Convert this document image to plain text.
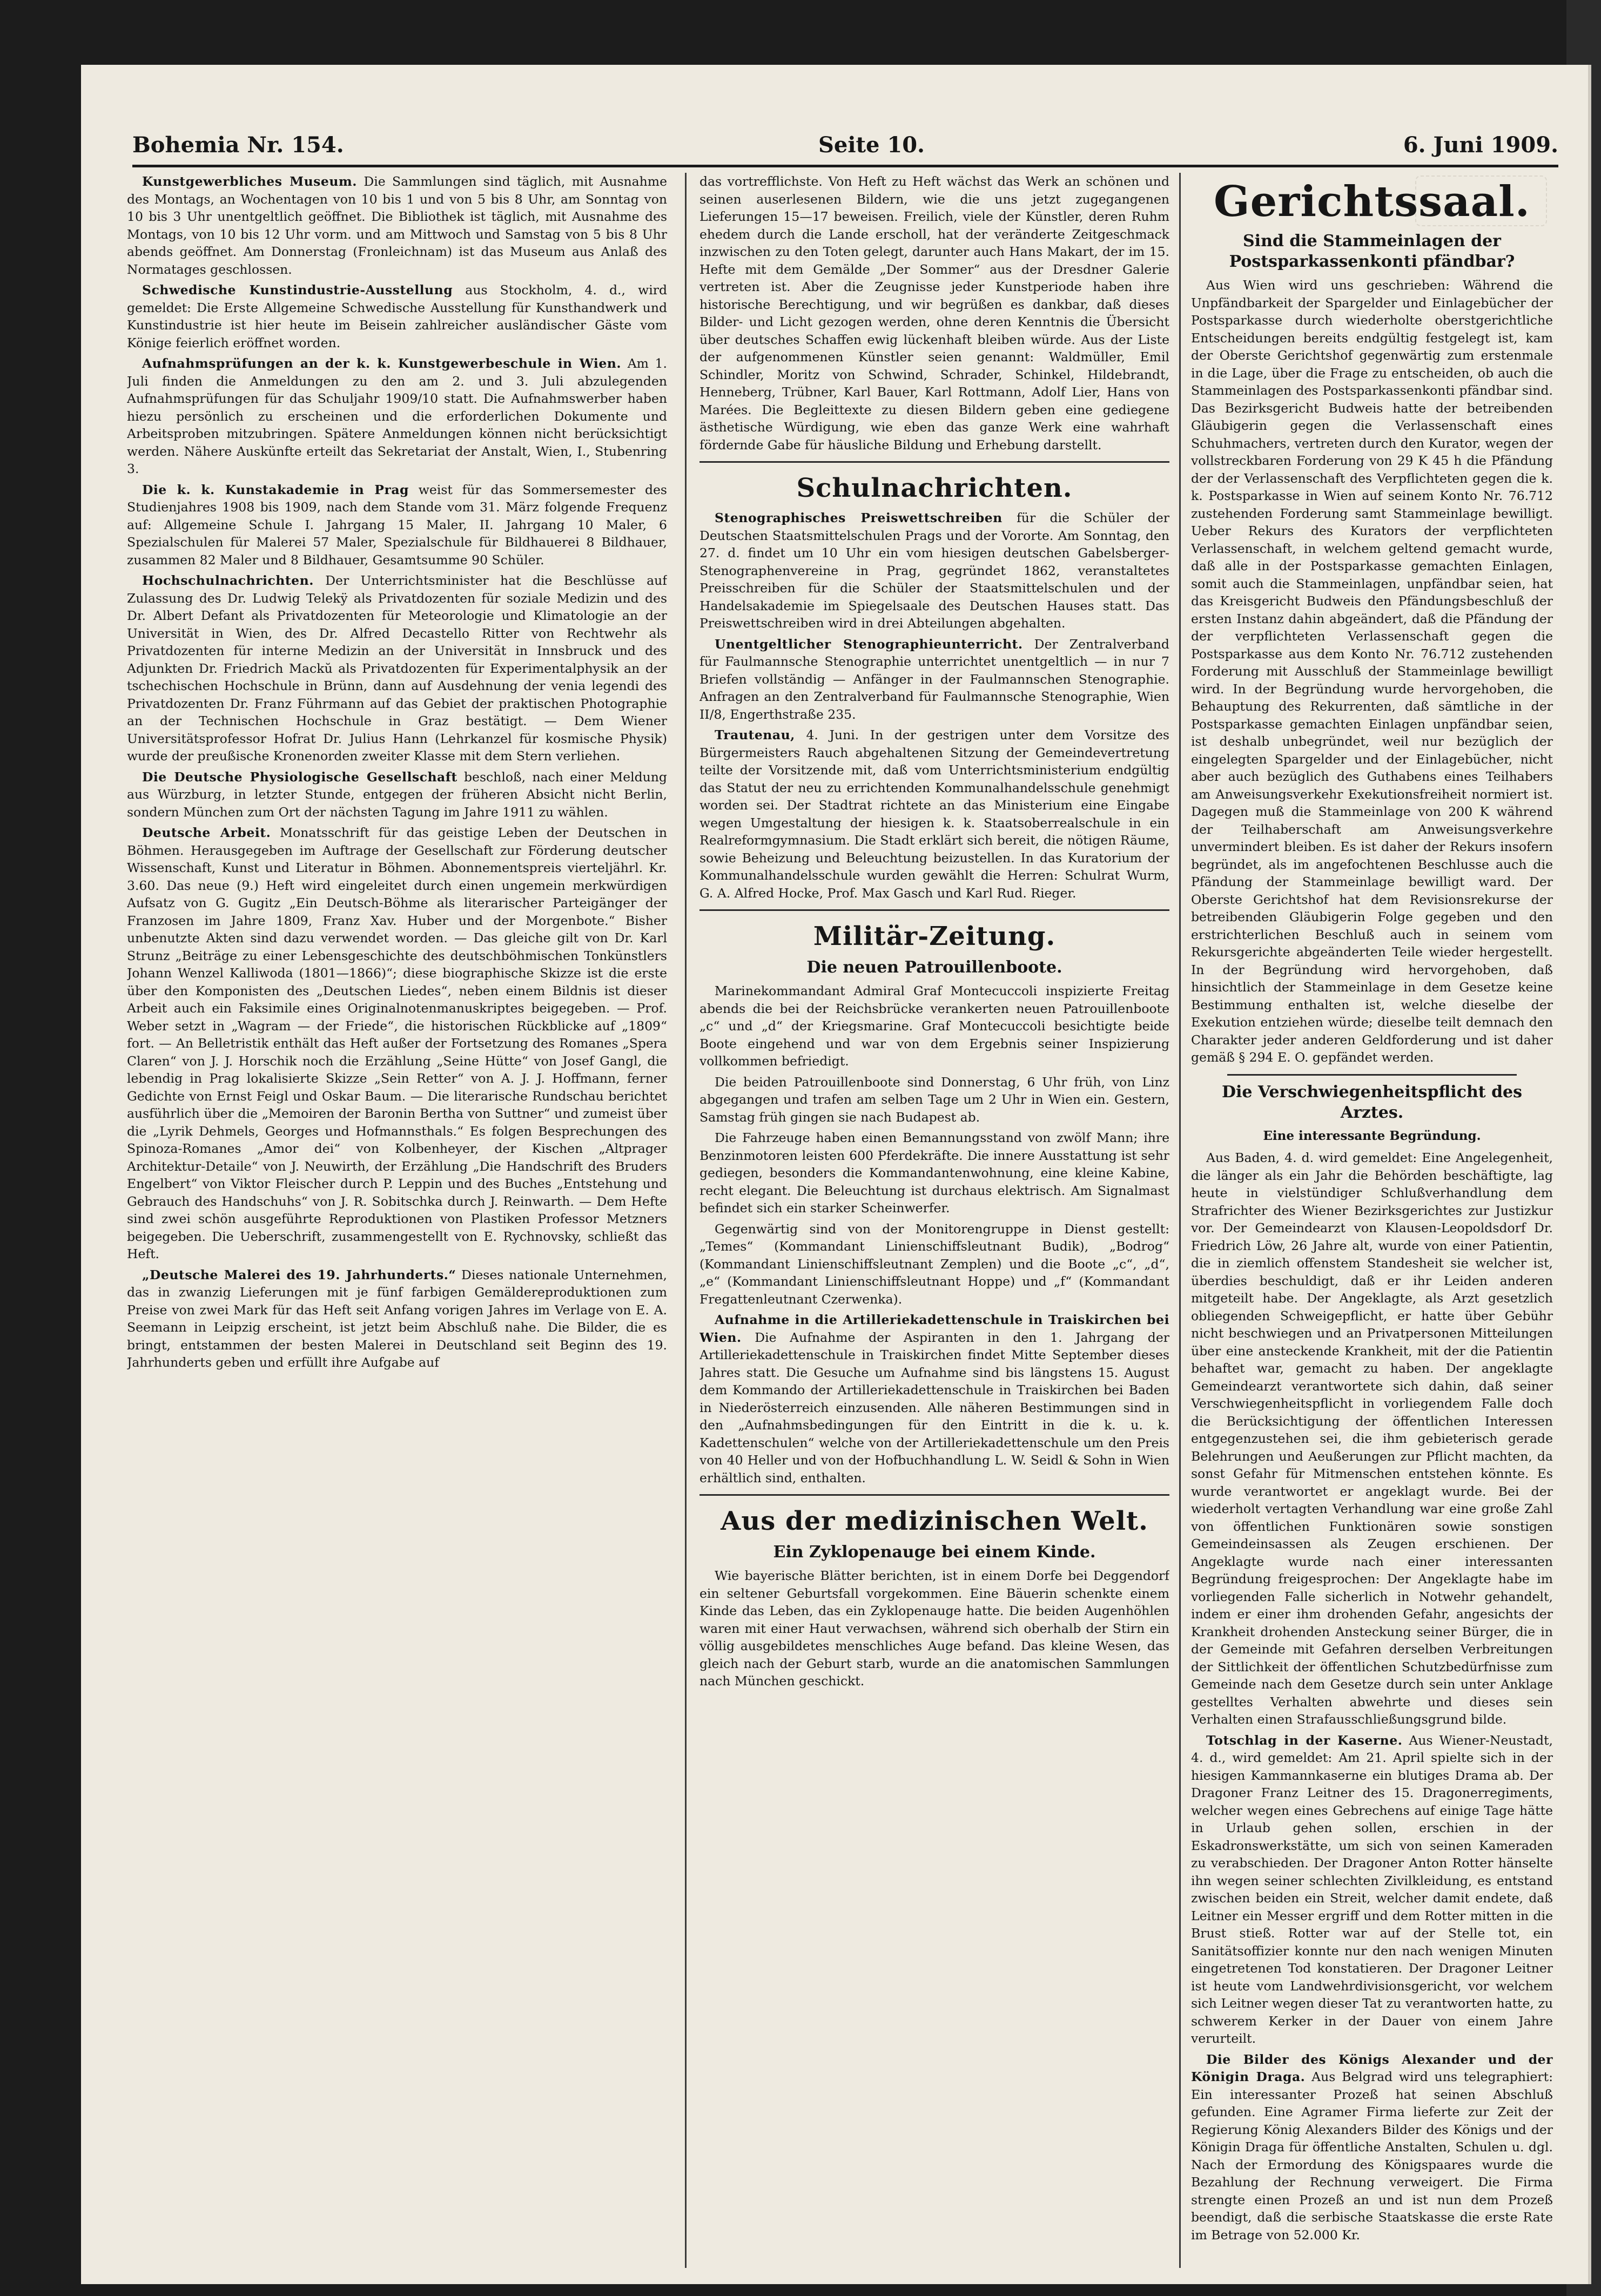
Bohemia Nr. 154.	Seite 10.	6. Juni 1909.

Kunstgewerbliches Museum. Die Sammlungen sind täglich, mit Ausnahme des Montags, an Wochentagen von 10 bis 1 und von 5 bis 8 Uhr, am Sonntag von 10 bis 3 Uhr unentgeltlich geöffnet. Die Bibliothek ist täglich, mit Ausnahme des Montags, von 10 bis 12 Uhr vorm. und am Mittwoch und Samstag von 5 bis 8 Uhr abends geöffnet. Am Donnerstag (Fronleichnam) ist das Museum aus Anlaß des Normatages geschlossen.

Schwedische Kunstindustrie-Ausstellung aus Stockholm, 4. d., wird gemeldet: Die Erste Allgemeine Schwedische Ausstellung für Kunsthandwerk und Kunstindustrie ist hier heute im Beisein zahlreicher ausländischer Gäste vom Könige feierlich eröffnet worden.

Aufnahmsprüfungen an der k. k. Kunstgewerbeschule in Wien. Am 1. Juli finden die Anmeldungen zu den am 2. und 3. Juli abzulegenden Aufnahmsprüfungen für das Schuljahr 1909/10 statt. Die Aufnahmswerber haben hiezu persönlich zu erscheinen und die erforderlichen Dokumente und Arbeitsproben mitzubringen. Spätere Anmeldungen können nicht berücksichtigt werden. Nähere Auskünfte erteilt das Sekretariat der Anstalt, Wien, I., Stubenring 3.

Die k. k. Kunstakademie in Prag weist für das Sommersemester des Studienjahres 1908 bis 1909, nach dem Stande vom 31. März folgende Frequenz auf: Allgemeine Schule I. Jahrgang 15 Maler, II. Jahrgang 10 Maler, 6 Spezialschulen für Malerei 57 Maler, Spezialschule für Bildhauerei 8 Bildhauer, zusammen 82 Maler und 8 Bildhauer, Gesamtsumme 90 Schüler.

Hochschulnachrichten. Der Unterrichtsminister hat die Beschlüsse auf Zulassung des Dr. Ludwig Telekÿ als Privatdozenten für soziale Medizin und des Dr. Albert Defant als Privatdozenten für Meteorologie und Klimatologie an der Universität in Wien, des Dr. Alfred Decastello Ritter von Rechtwehr als Privatdozenten für interne Medizin an der Universität in Innsbruck und des Adjunkten Dr. Friedrich Mackŭ als Privatdozenten für Experimentalphysik an der tschechischen Hochschule in Brünn, dann auf Ausdehnung der venia legendi des Privatdozenten Dr. Franz Führmann auf das Gebiet der praktischen Photographie an der Technischen Hochschule in Graz bestätigt. — Dem Wiener Universitätsprofessor Hofrat Dr. Julius Hann (Lehrkanzel für kosmische Physik) wurde der preußische Kronenorden zweiter Klasse mit dem Stern verliehen.

Die Deutsche Physiologische Gesellschaft beschloß, nach einer Meldung aus Würzburg, in letzter Stunde, entgegen der früheren Absicht nicht Berlin, sondern München zum Ort der nächsten Tagung im Jahre 1911 zu wählen.

Deutsche Arbeit. Monatsschrift für das geistige Leben der Deutschen in Böhmen. Herausgegeben im Auftrage der Gesellschaft zur Förderung deutscher Wissenschaft, Kunst und Literatur in Böhmen. Abonnementspreis vierteljährl. Kr. 3.60. Das neue (9.) Heft wird eingeleitet durch einen ungemein merkwürdigen Aufsatz von G. Gugitz „Ein Deutsch-Böhme als literarischer Parteigänger der Franzosen im Jahre 1809, Franz Xav. Huber und der Morgenbote.“ Bisher unbenutzte Akten sind dazu verwendet worden. — Das gleiche gilt von Dr. Karl Strunz „Beiträge zu einer Lebensgeschichte des deutschböhmischen Tonkünstlers Johann Wenzel Kalliwoda (1801—1866)“; diese biographische Skizze ist die erste über den Komponisten des „Deutschen Liedes“, neben einem Bildnis ist dieser Arbeit auch ein Faksimile eines Originalnotenmanuskriptes beigegeben. — Prof. Weber setzt in „Wagram — der Friede“, die historischen Rückblicke auf „1809“ fort. — An Belletristik enthält das Heft außer der Fortsetzung des Romanes „Spera Claren“ von J. J. Horschik noch die Erzählung „Seine Hütte“ von Josef Gangl, die lebendig in Prag lokalisierte Skizze „Sein Retter“ von A. J. J. Hoffmann, ferner Gedichte von Ernst Feigl und Oskar Baum. — Die literarische Rundschau berichtet ausführlich über die „Memoiren der Baronin Bertha von Suttner“ und zumeist über die „Lyrik Dehmels, Georges und Hofmannsthals.“ Es folgen Besprechungen des Spinoza-Romanes „Amor dei“ von Kolbenheyer, der Kischen „Altprager Architektur-Detaile“ von J. Neuwirth, der Erzählung „Die Handschrift des Bruders Engelbert“ von Viktor Fleischer durch P. Leppin und des Buches „Entstehung und Gebrauch des Handschuhs“ von J. R. Sobitschka durch J. Reinwarth. — Dem Hefte sind zwei schön ausgeführte Reproduktionen von Plastiken Professor Metzners beigegeben. Die Ueberschrift, zusammengestellt von E. Rychnovsky, schließt das Heft.

„Deutsche Malerei des 19. Jahrhunderts.“ Dieses nationale Unternehmen, das in zwanzig Lieferungen mit je fünf farbigen Gemäldereproduktionen zum Preise von zwei Mark für das Heft seit Anfang vorigen Jahres im Verlage von E. A. Seemann in Leipzig erscheint, ist jetzt beim Abschluß nahe. Die Bilder, die es bringt, entstammen der besten Malerei in Deutschland seit Beginn des 19. Jahrhunderts geben und erfüllt ihre Aufgabe auf

das vortrefflichste. Von Heft zu Heft wächst das Werk an schönen und seinen auserlesenen Bildern, wie die uns jetzt zugegangenen Lieferungen 15—17 beweisen. Freilich, viele der Künstler, deren Ruhm ehedem durch die Lande erscholl, hat der veränderte Zeitgeschmack inzwischen zu den Toten gelegt, darunter auch Hans Makart, der im 15. Hefte mit dem Gemälde „Der Sommer“ aus der Dresdner Galerie vertreten ist. Aber die Zeugnisse jeder Kunstperiode haben ihre historische Berechtigung, und wir begrüßen es dankbar, daß dieses Bilder- und Licht gezogen werden, ohne deren Kenntnis die Übersicht über deutsches Schaffen ewig lückenhaft bleiben würde. Aus der Liste der aufgenommenen Künstler seien genannt: Waldmüller, Emil Schindler, Moritz von Schwind, Schrader, Schinkel, Hildebrandt, Henneberg, Trübner, Karl Bauer, Karl Rottmann, Adolf Lier, Hans von Marées. Die Begleittexte zu diesen Bildern geben eine gediegene ästhetische Würdigung, wie eben das ganze Werk eine wahrhaft fördernde Gabe für häusliche Bildung und Erhebung darstellt.

Schulnachrichten.

Stenographisches Preiswettschreiben für die Schüler der Deutschen Staatsmittelschulen Prags und der Vororte. Am Sonntag, den 27. d. findet um 10 Uhr ein vom hiesigen deutschen Gabelsberger-Stenographenvereine in Prag, gegründet 1862, veranstaltetes Preisschreiben für die Schüler der Staatsmittelschulen und der Handelsakademie im Spiegelsaale des Deutschen Hauses statt. Das Preiswettschreiben wird in drei Abteilungen abgehalten.

Unentgeltlicher Stenographieunterricht. Der Zentralverband für Faulmannsche Stenographie unterrichtet unentgeltlich — in nur 7 Briefen vollständig — Anfänger in der Faulmannschen Stenographie. Anfragen an den Zentralverband für Faulmannsche Stenographie, Wien II/8, Engerthstraße 235.

Trautenau, 4. Juni. In der gestrigen unter dem Vorsitze des Bürgermeisters Rauch abgehaltenen Sitzung der Gemeindevertretung teilte der Vorsitzende mit, daß vom Unterrichtsministerium endgültig das Statut der neu zu errichtenden Kommunalhandelsschule genehmigt worden sei. Der Stadtrat richtete an das Ministerium eine Eingabe wegen Umgestaltung der hiesigen k. k. Staatsoberrealschule in ein Realreformgymnasium. Die Stadt erklärt sich bereit, die nötigen Räume, sowie Beheizung und Beleuchtung beizustellen. In das Kuratorium der Kommunalhandelsschule wurden gewählt die Herren: Schulrat Wurm, G. A. Alfred Hocke, Prof. Max Gasch und Karl Rud. Rieger.

Militär-Zeitung.
Die neuen Patrouillenboote.

Marinekommandant Admiral Graf Montecuccoli inspizierte Freitag abends die bei der Reichsbrücke verankerten neuen Patrouillenboote „c“ und „d“ der Kriegsmarine. Graf Montecuccoli besichtigte beide Boote eingehend und war von dem Ergebnis seiner Inspizierung vollkommen befriedigt.

Die beiden Patrouillenboote sind Donnerstag, 6 Uhr früh, von Linz abgegangen und trafen am selben Tage um 2 Uhr in Wien ein. Gestern, Samstag früh gingen sie nach Budapest ab.

Die Fahrzeuge haben einen Bemannungsstand von zwölf Mann; ihre Benzinmotoren leisten 600 Pferdekräfte. Die innere Ausstattung ist sehr gediegen, besonders die Kommandantenwohnung, eine kleine Kabine, recht elegant. Die Beleuchtung ist durchaus elektrisch. Am Signalmast befindet sich ein starker Scheinwerfer.

Gegenwärtig sind von der Monitorengruppe in Dienst gestellt: „Temes“ (Kommandant Linienschiffsleutnant Budik), „Bodrog“ (Kommandant Linienschiffsleutnant Zemplen) und die Boote „c“, „d“, „e“ (Kommandant Linienschiffsleutnant Hoppe) und „f“ (Kommandant Fregattenleutnant Czerwenka).

Aufnahme in die Artilleriekadettenschule in Traiskirchen bei Wien. Die Aufnahme der Aspiranten in den 1. Jahrgang der Artilleriekadettenschule in Traiskirchen findet Mitte September dieses Jahres statt. Die Gesuche um Aufnahme sind bis längstens 15. August dem Kommando der Artilleriekadettenschule in Traiskirchen bei Baden in Niederösterreich einzusenden. Alle näheren Bestimmungen sind in den „Aufnahmsbedingungen für den Eintritt in die k. u. k. Kadettenschulen“ welche von der Artilleriekadettenschule um den Preis von 40 Heller und von der Hofbuchhandlung L. W. Seidl & Sohn in Wien erhältlich sind, enthalten.

Aus der medizinischen Welt.
Ein Zyklopenauge bei einem Kinde.

Wie bayerische Blätter berichten, ist in einem Dorfe bei Deggendorf ein seltener Geburtsfall vorgekommen. Eine Bäuerin schenkte einem Kinde das Leben, das ein Zyklopenauge hatte. Die beiden Augenhöhlen waren mit einer Haut verwachsen, während sich oberhalb der Stirn ein völlig ausgebildetes menschliches Auge befand. Das kleine Wesen, das gleich nach der Geburt starb, wurde an die anatomischen Sammlungen nach München geschickt.

Gerichtssaal.
Sind die Stammeinlagen der Postsparkassenkonti pfändbar?

Aus Wien wird uns geschrieben: Während die Unpfändbarkeit der Spargelder und Einlagebücher der Postsparkasse durch wiederholte oberstgerichtliche Entscheidungen bereits endgültig festgelegt ist, kam der Oberste Gerichtshof gegenwärtig zum erstenmale in die Lage, über die Frage zu entscheiden, ob auch die Stammeinlagen des Postsparkassenkonti pfändbar sind. Das Bezirksgericht Budweis hatte der betreibenden Gläubigerin gegen die Verlassenschaft eines Schuhmachers, vertreten durch den Kurator, wegen der vollstreckbaren Forderung von 29 K 45 h die Pfändung der der Verlassenschaft des Verpflichteten gegen die k. k. Postsparkasse in Wien auf seinem Konto Nr. 76.712 zustehenden Forderung samt Stammeinlage bewilligt. Ueber Rekurs des Kurators der verpflichteten Verlassenschaft, in welchem geltend gemacht wurde, daß alle in der Postsparkasse gemachten Einlagen, somit auch die Stammeinlagen, unpfändbar seien, hat das Kreisgericht Budweis den Pfändungsbeschluß der ersten Instanz dahin abgeändert, daß die Pfändung der der verpflichteten Verlassenschaft gegen die Postsparkasse aus dem Konto Nr. 76.712 zustehenden Forderung mit Ausschluß der Stammeinlage bewilligt wird. In der Begründung wurde hervorgehoben, die Behauptung des Rekurrenten, daß sämtliche in der Postsparkasse gemachten Einlagen unpfändbar seien, ist deshalb unbegründet, weil nur bezüglich der eingelegten Spargelder und der Einlagebücher, nicht aber auch bezüglich des Guthabens eines Teilhabers am Anweisungsverkehr Exekutionsfreiheit normiert ist. Dagegen muß die Stammeinlage von 200 K während der Teilhaberschaft am Anweisungsverkehre unvermindert bleiben. Es ist daher der Rekurs insofern begründet, als im angefochtenen Beschlusse auch die Pfändung der Stammeinlage bewilligt ward. Der Oberste Gerichtshof hat dem Revisionsrekurse der betreibenden Gläubigerin Folge gegeben und den erstrichterlichen Beschluß auch in seinem vom Rekursgerichte abgeänderten Teile wieder hergestellt. In der Begründung wird hervorgehoben, daß hinsichtlich der Stammeinlage in dem Gesetze keine Bestimmung enthalten ist, welche dieselbe der Exekution entziehen würde; dieselbe teilt demnach den Charakter jeder anderen Geldforderung und ist daher gemäß § 294 E. O. gepfändet werden.

Die Verschwiegenheitspflicht des Arztes.
Eine interessante Begründung.

Aus Baden, 4. d. wird gemeldet: Eine Angelegenheit, die länger als ein Jahr die Behörden beschäftigte, lag heute in vielstündiger Schlußverhandlung dem Strafrichter des Wiener Bezirksgerichtes zur Justizkur vor. Der Gemeindearzt von Klausen-Leopoldsdorf Dr. Friedrich Löw, 26 Jahre alt, wurde von einer Patientin, die in ziemlich offenstem Standesheit sie welcher ist, überdies beschuldigt, daß er ihr Leiden anderen mitgeteilt habe. Der Angeklagte, als Arzt gesetzlich obliegenden Schweigepflicht, er hatte über Gebühr nicht beschwiegen und an Privatpersonen Mitteilungen über eine ansteckende Krankheit, mit der die Patientin behaftet war, gemacht zu haben. Der angeklagte Gemeindearzt verantwortete sich dahin, daß seiner Verschwiegenheitspflicht in vorliegendem Falle doch die Berücksichtigung der öffentlichen Interessen entgegenzustehen sei, die ihm gebieterisch gerade Belehrungen und Aeußerungen zur Pflicht machten, da sonst Gefahr für Mitmenschen entstehen könnte. Es wurde verantwortet er angeklagt wurde. Bei der wiederholt vertagten Verhandlung war eine große Zahl von öffentlichen Funktionären sowie sonstigen Gemeindeinsassen als Zeugen erschienen. Der Angeklagte wurde nach einer interessanten Begründung freigesprochen: Der Angeklagte habe im vorliegenden Falle sicherlich in Notwehr gehandelt, indem er einer ihm drohenden Gefahr, angesichts der Krankheit drohenden Ansteckung seiner Bürger, die in der Gemeinde mit Gefahren derselben Verbreitungen der Sittlichkeit der öffentlichen Schutzbedürfnisse zum Gemeinde nach dem Gesetze durch sein unter Anklage gestelltes Verhalten abwehrte und dieses sein Verhalten einen Strafausschließungsgrund bilde.

Totschlag in der Kaserne. Aus Wiener-Neustadt, 4. d., wird gemeldet: Am 21. April spielte sich in der hiesigen Kammannkaserne ein blutiges Drama ab. Der Dragoner Franz Leitner des 15. Dragonerregiments, welcher wegen eines Gebrechens auf einige Tage hätte in Urlaub gehen sollen, erschien in der Eskadronswerkstätte, um sich von seinen Kameraden zu verabschieden. Der Dragoner Anton Rotter hänselte ihn wegen seiner schlechten Zivilkleidung, es entstand zwischen beiden ein Streit, welcher damit endete, daß Leitner ein Messer ergriff und dem Rotter mitten in die Brust stieß. Rotter war auf der Stelle tot, ein Sanitätsoffizier konnte nur den nach wenigen Minuten eingetretenen Tod konstatieren. Der Dragoner Leitner ist heute vom Landwehrdivisionsgericht, vor welchem sich Leitner wegen dieser Tat zu verantworten hatte, zu schwerem Kerker in der Dauer von einem Jahre verurteilt.

Die Bilder des Königs Alexander und der Königin Draga. Aus Belgrad wird uns telegraphiert: Ein interessanter Prozeß hat seinen Abschluß gefunden. Eine Agramer Firma lieferte zur Zeit der Regierung König Alexanders Bilder des Königs und der Königin Draga für öffentliche Anstalten, Schulen u. dgl. Nach der Ermordung des Königspaares wurde die Bezahlung der Rechnung verweigert. Die Firma strengte einen Prozeß an und ist nun dem Prozeß beendigt, daß die serbische Staatskasse die erste Rate im Betrage von 52.000 Kr.
